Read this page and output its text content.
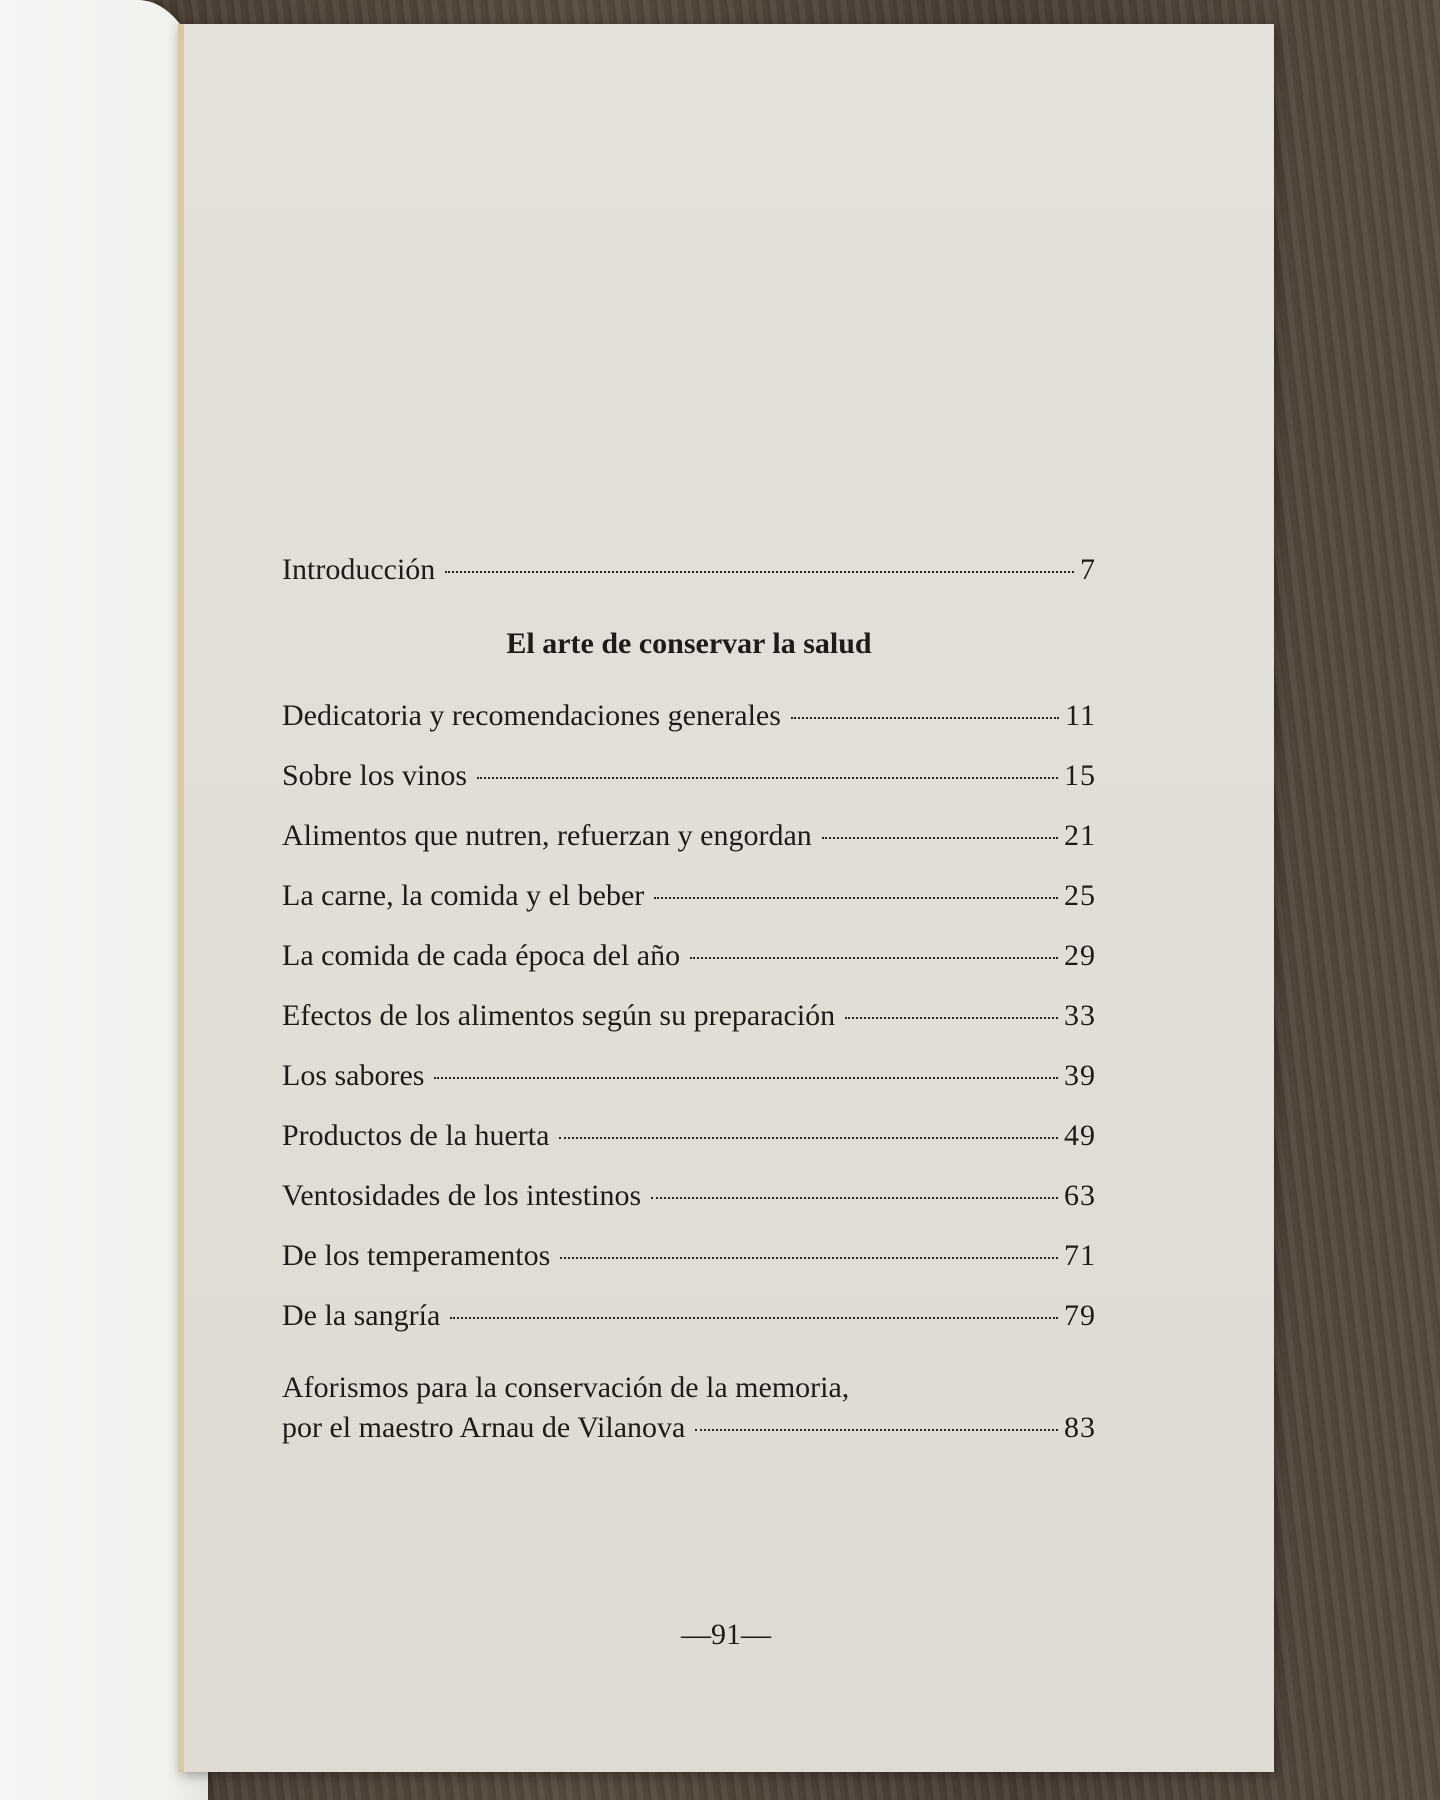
Introducción	7
El arte de conservar la salud
Dedicatoria y recomendaciones generales	11
Sobre los vinos	15
Alimentos que nutren, refuerzan y engordan	21
La carne, la comida y el beber	25
La comida de cada época del año	29
Efectos de los alimentos según su preparación	33
Los sabores	39
Productos de la huerta	49
Ventosidades de los intestinos	63
De los temperamentos	71
De la sangría	79
Aforismos para la conservación de la memoria,
por el maestro Arnau de Vilanova	83
—91—
